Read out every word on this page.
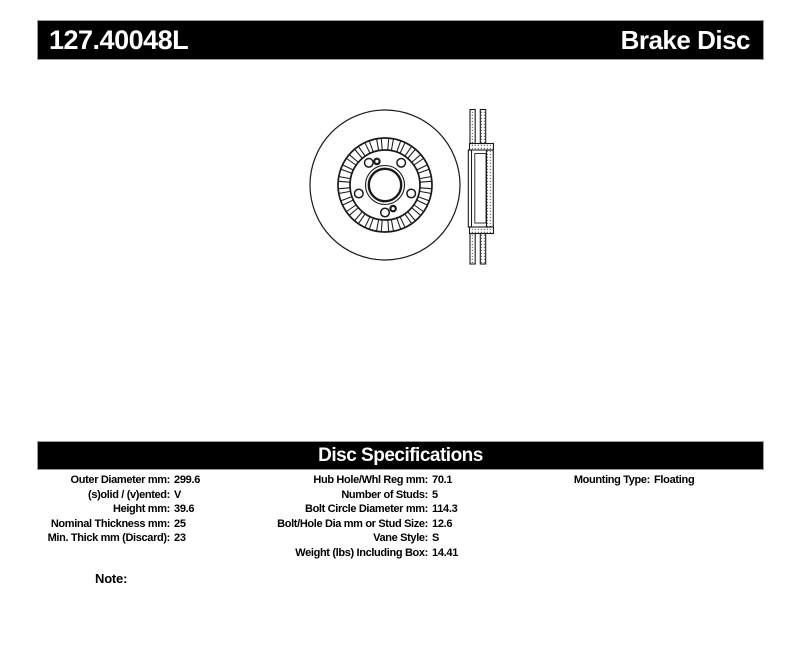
127.40048L	Brake Disc
Disc Specifications
Outer Diameter mm: 299.6
(s)olid / (v)ented: V
Height mm: 39.6
Nominal Thickness mm: 25
Min. Thick mm (Discard): 23
Hub Hole/Whl Reg mm: 70.1
Number of Studs: 5
Bolt Circle Diameter mm: 114.3
Bolt/Hole Dia mm or Stud Size: 12.6
Vane Style: S
Weight (lbs) Including Box: 14.41
Mounting Type: Floating
Note:
